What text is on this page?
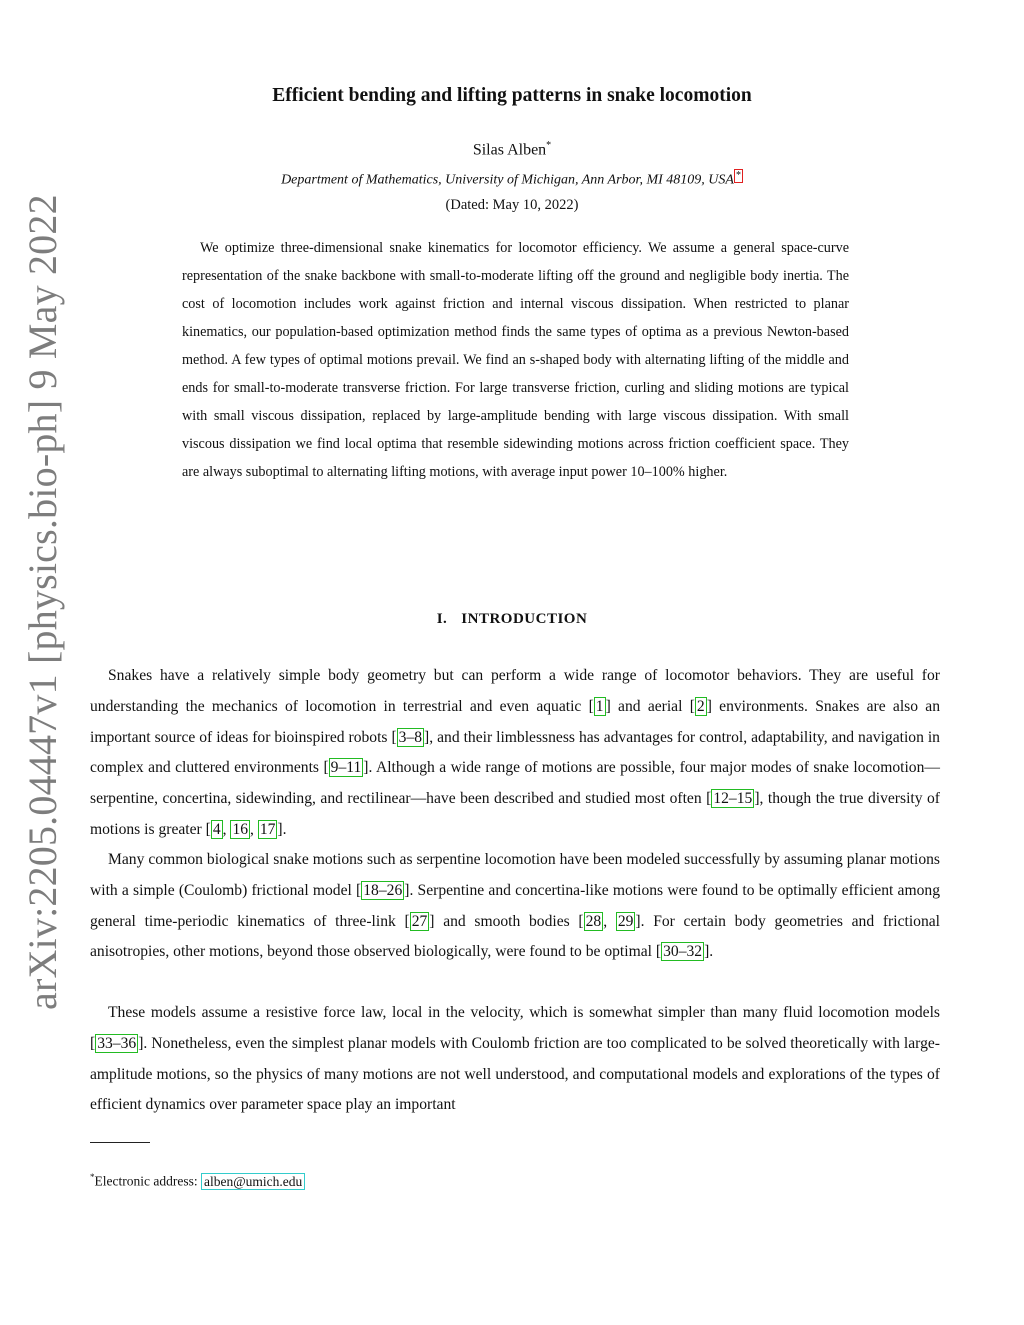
arXiv:2205.04447v1 [physics.bio-ph] 9 May 2022
Efficient bending and lifting patterns in snake locomotion
Silas Alben*
Department of Mathematics, University of Michigan, Ann Arbor, MI 48109, USA *
(Dated: May 10, 2022)

We optimize three-dimensional snake kinematics for locomotor efficiency. We assume a general space-curve representation of the snake backbone with small-to-moderate lifting off the ground and negligible body inertia. The cost of locomotion includes work against friction and internal viscous dissipation. When restricted to planar kinematics, our population-based optimization method finds the same types of optima as a previous Newton-based method. A few types of optimal motions prevail. We find an s-shaped body with alternating lifting of the middle and ends for small-to-moderate transverse friction. For large transverse friction, curling and sliding motions are typical with small viscous dissipation, replaced by large-amplitude bending with large viscous dissipation. With small viscous dissipation we find local optima that resemble sidewinding motions across friction coefficient space. They are always suboptimal to alternating lifting motions, with average input power 10–100% higher.

I. INTRODUCTION

Snakes have a relatively simple body geometry but can perform a wide range of locomotor behaviors. They are useful for understanding the mechanics of locomotion in terrestrial and even aquatic [ 1 ] and aerial [ 2 ] environments. Snakes are also an important source of ideas for bioinspired robots [ 3–8 ], and their limblessness has advantages for control, adaptability, and navigation in complex and cluttered environments [ 9–11 ]. Although a wide range of motions are possible, four major modes of snake locomotion—serpentine, concertina, sidewinding, and rectilinear—have been described and studied most often [ 12–15 ], though the true diversity of motions is greater [ 4 , 16 , 17 ].

Many common biological snake motions such as serpentine locomotion have been modeled successfully by assuming planar motions with a simple (Coulomb) frictional model [ 18–26 ]. Serpentine and concertina-like motions were found to be optimally efficient among general time-periodic kinematics of three-link [ 27 ] and smooth bodies [ 28 , 29 ]. For certain body geometries and frictional anisotropies, other motions, beyond those observed biologically, were found to be optimal [ 30–32 ].

These models assume a resistive force law, local in the velocity, which is somewhat simpler than many fluid locomotion models [ 33–36 ]. Nonetheless, even the simplest planar models with Coulomb friction are too complicated to be solved theoretically with large-amplitude motions, so the physics of many motions are not well understood, and computational models and explorations of the types of efficient dynamics over parameter space play an important

*Electronic address: alben@umich.edu
